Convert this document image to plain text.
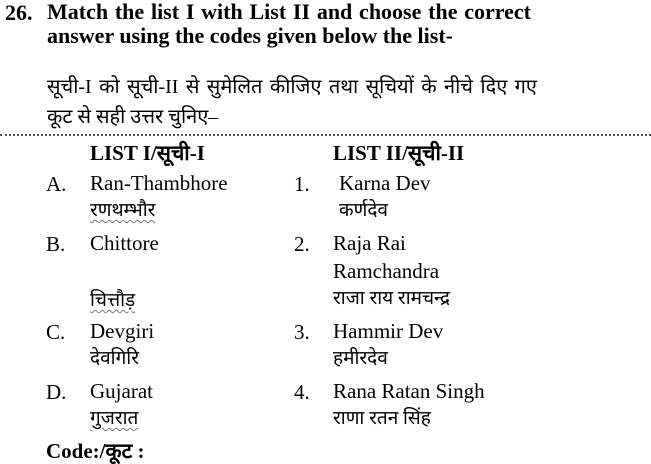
26. Match the list I with List II and choose the correct answer using the codes given below the list-
सूची-I को सूची-II से सुमेलित कीजिए तथा सूचियों के नीचे दिए गए कूट से सही उत्तर चुनिए–
LIST I/सूची-I	LIST II/सूची-II
A. Ran-Thambhore
रणथम्भौर
B. Chittore
चित्तौड़
C. Devgiri
देवगिरि
D. Gujarat
गुजरात
1. Karna Dev
कर्णदेव
2. Raja Rai Ramchandra
राजा राय रामचन्द्र
3. Hammir Dev
हमीरदेव
4. Rana Ratan Singh
राणा रतन सिंह
Code:/कूट :
